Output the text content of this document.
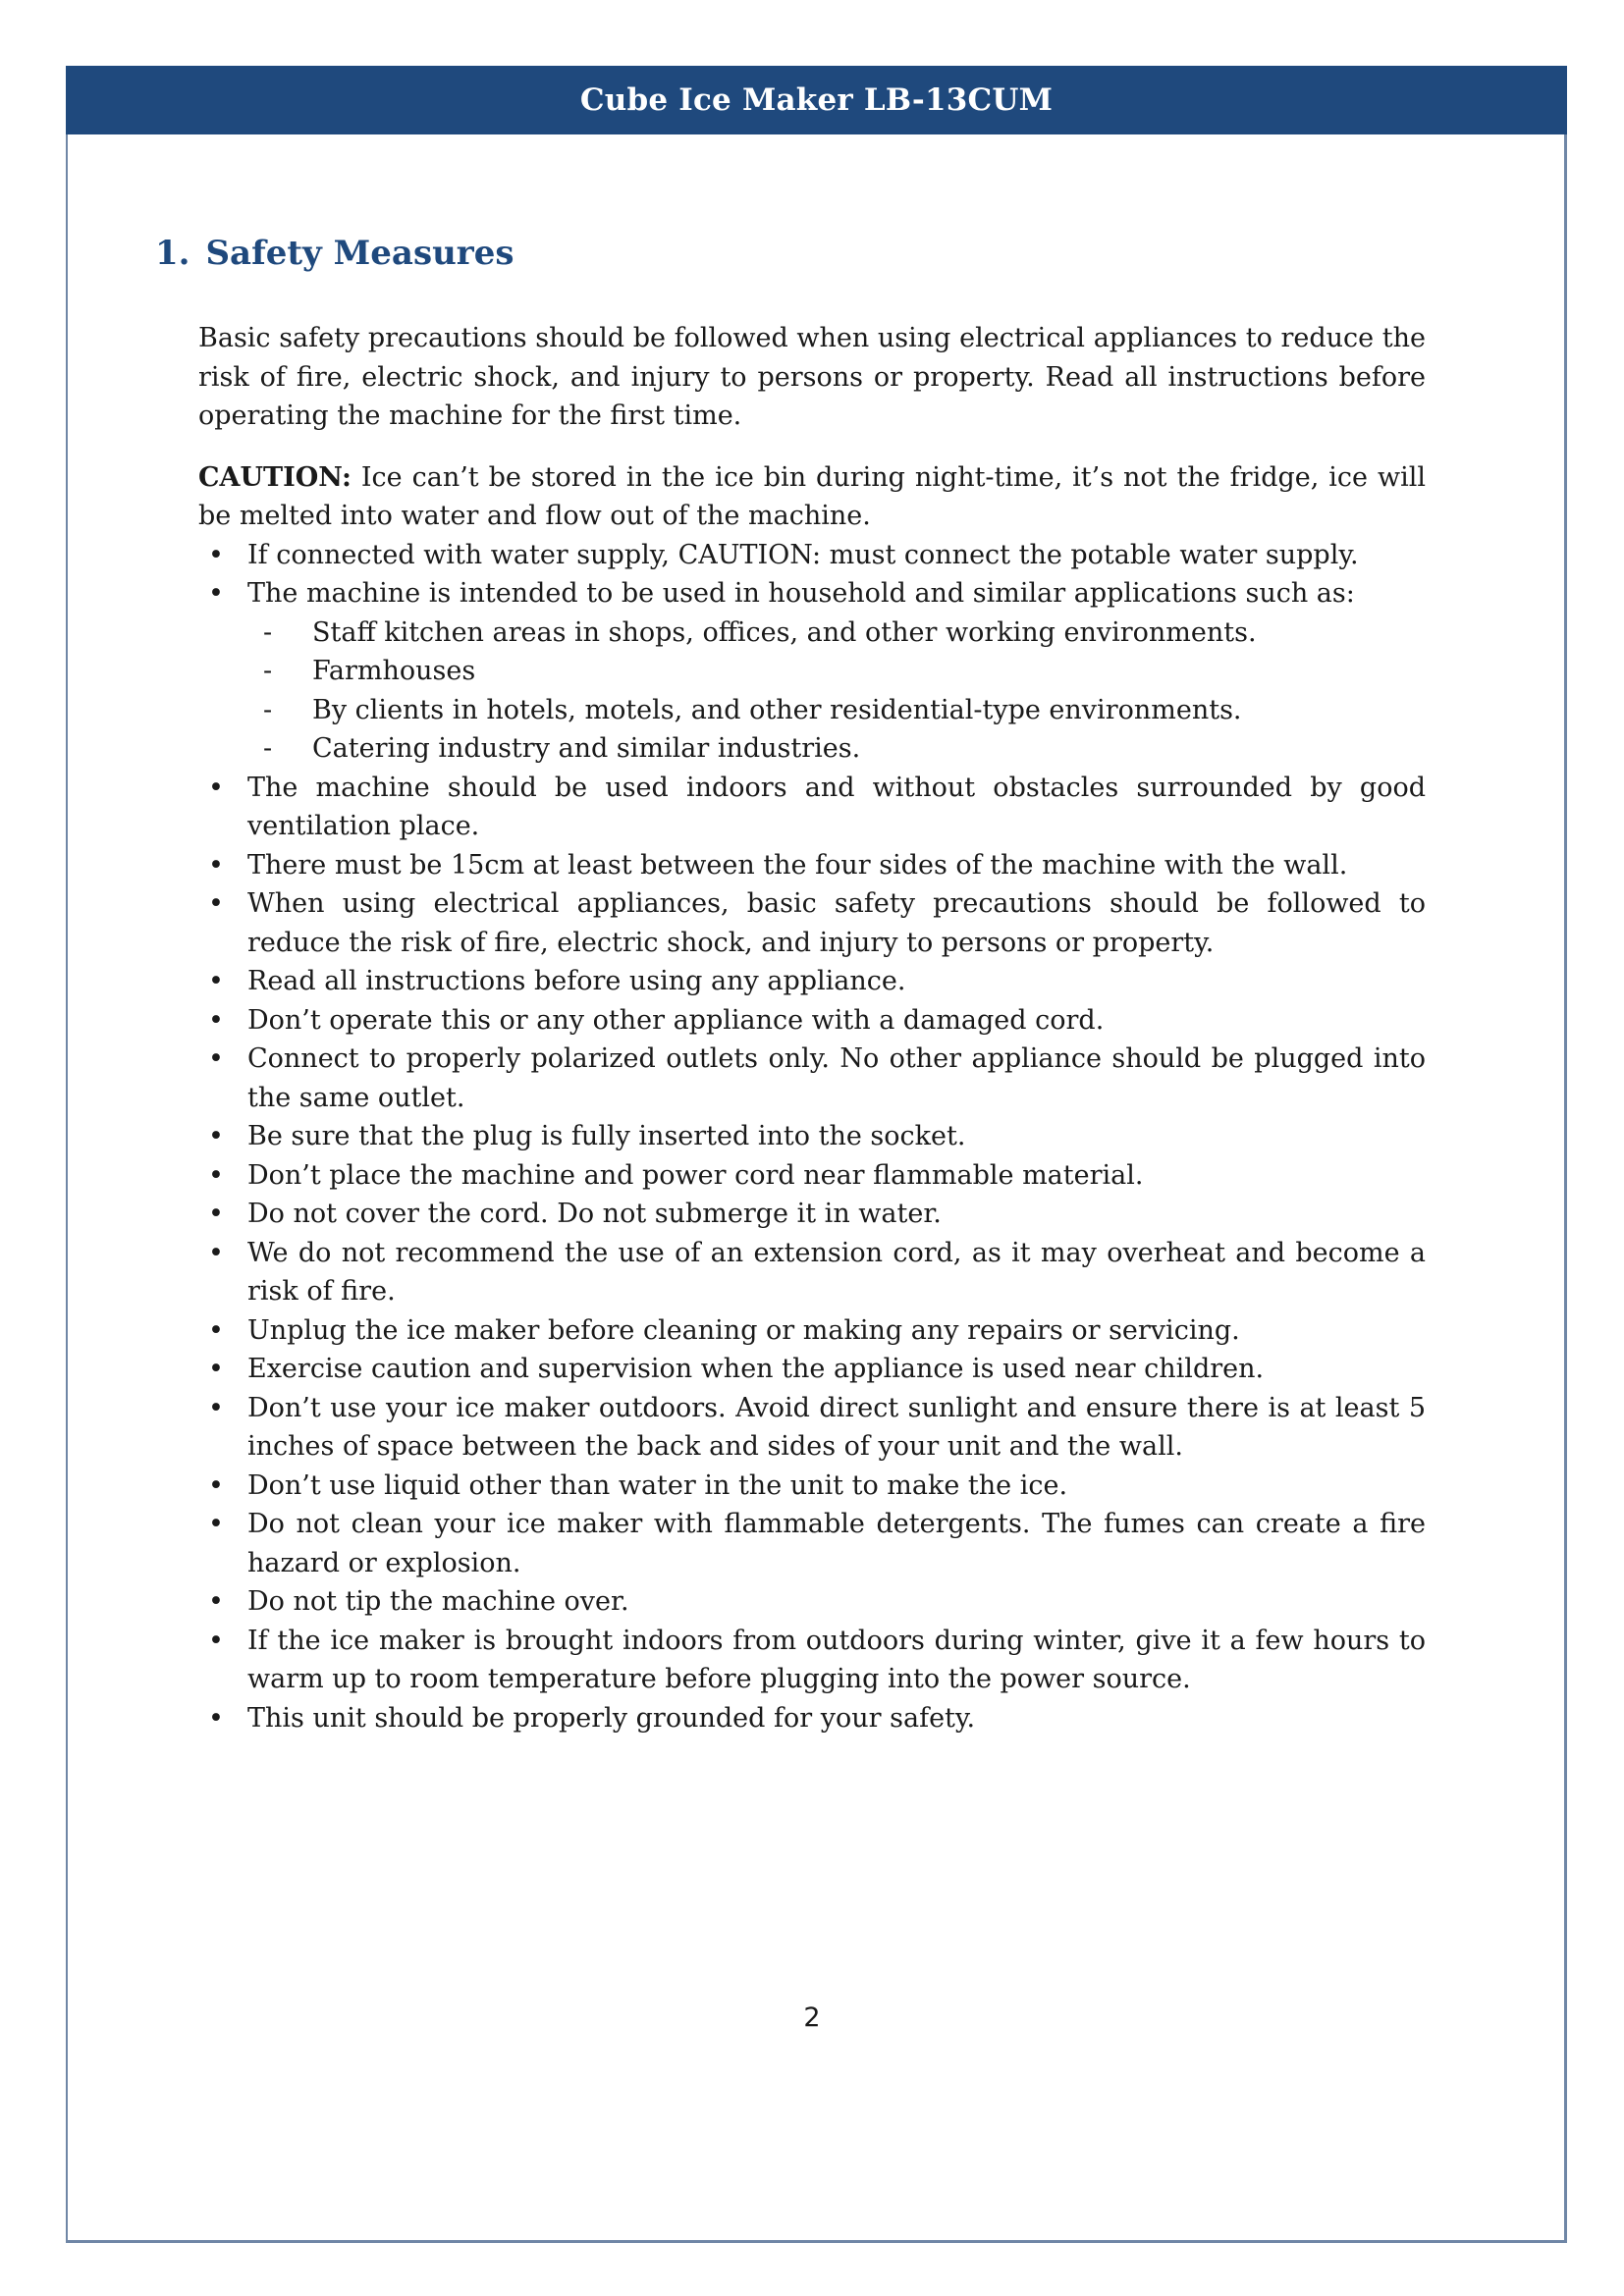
Cube Ice Maker LB-13CUM
1. Safety Measures

Basic safety precautions should be followed when using electrical appliances to reduce the risk of fire, electric shock, and injury to persons or property. Read all instructions before operating the machine for the first time.

CAUTION: Ice can’t be stored in the ice bin during night-time, it’s not the fridge, ice will be melted into water and flow out of the machine.

• If connected with water supply, CAUTION: must connect the potable water supply.
• The machine is intended to be used in household and similar applications such as:
- Staff kitchen areas in shops, offices, and other working environments.
- Farmhouses
- By clients in hotels, motels, and other residential-type environments.
- Catering industry and similar industries.
• The machine should be used indoors and without obstacles surrounded by good ventilation place.
• There must be 15cm at least between the four sides of the machine with the wall.
• When using electrical appliances, basic safety precautions should be followed to reduce the risk of fire, electric shock, and injury to persons or property.
• Read all instructions before using any appliance.
• Don’t operate this or any other appliance with a damaged cord.
• Connect to properly polarized outlets only. No other appliance should be plugged into the same outlet.
• Be sure that the plug is fully inserted into the socket.
• Don’t place the machine and power cord near flammable material.
• Do not cover the cord. Do not submerge it in water.
• We do not recommend the use of an extension cord, as it may overheat and become a risk of fire.
• Unplug the ice maker before cleaning or making any repairs or servicing.
• Exercise caution and supervision when the appliance is used near children.
• Don’t use your ice maker outdoors. Avoid direct sunlight and ensure there is at least 5 inches of space between the back and sides of your unit and the wall.
• Don’t use liquid other than water in the unit to make the ice.
• Do not clean your ice maker with flammable detergents. The fumes can create a fire hazard or explosion.
• Do not tip the machine over.
• If the ice maker is brought indoors from outdoors during winter, give it a few hours to warm up to room temperature before plugging into the power source.
• This unit should be properly grounded for your safety.
2
